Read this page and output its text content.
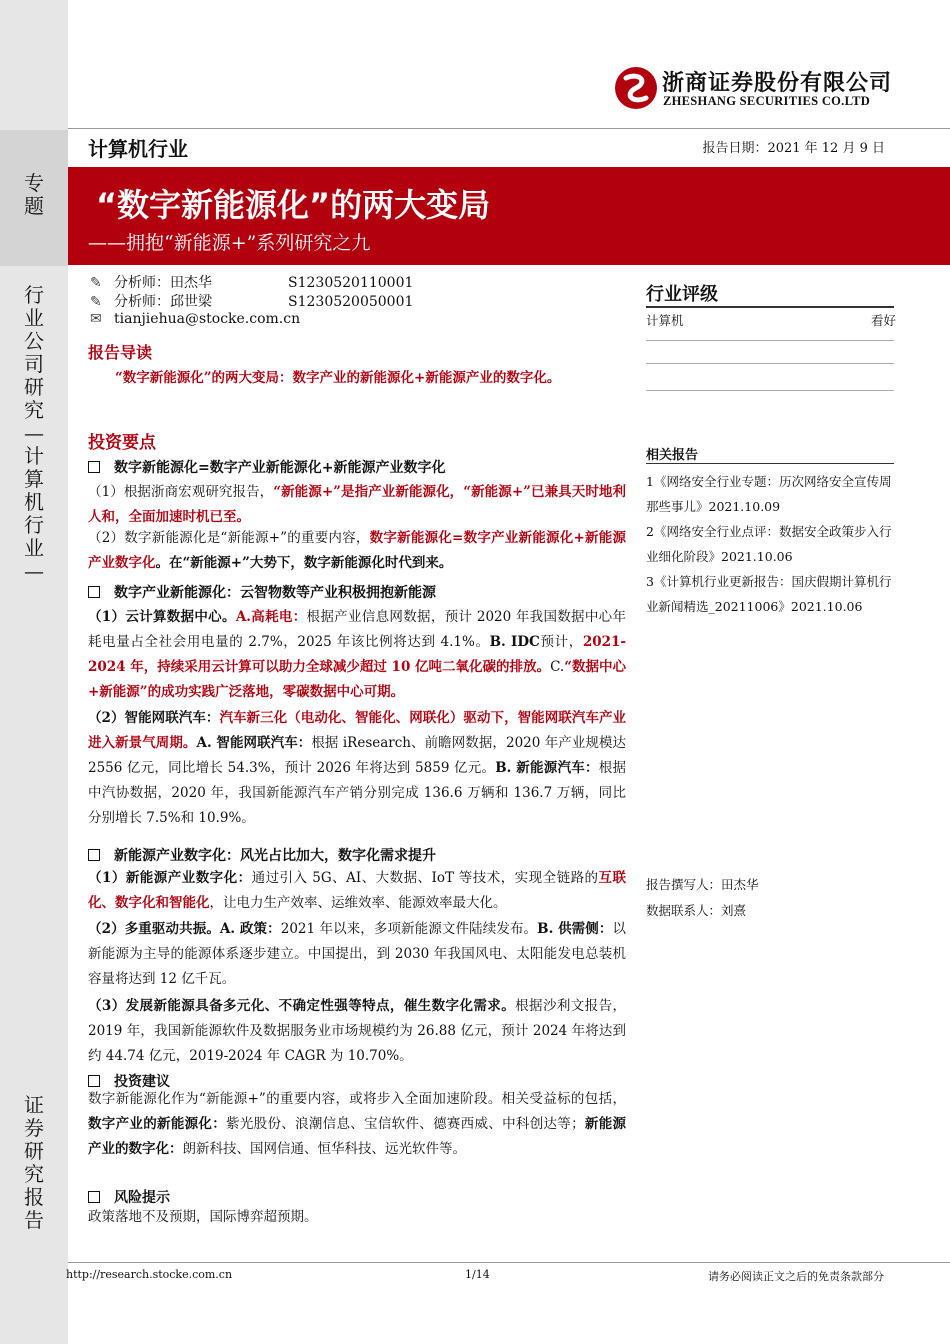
专题
行业公司研究—计算机行业—
证券研究报告
浙商证券股份有限公司
ZHESHANG SECURITIES CO.LTD
计算机行业	报告日期：2021 年 12 月 9 日
“数字新能源化”的两大变局
——拥抱“新能源+”系列研究之九
✎ 分析师：田杰华	S1230520110001
✎ 分析师：邱世梁	S1230520050001
✉ tianjiehua@stocke.com.cn
报告导读
“数字新能源化”的两大变局：数字产业的新能源化+新能源产业的数字化。
投资要点
数字新能源化=数字产业新能源化+新能源产业数字化
（1）根据浙商宏观研究报告，“新能源+”是指产业新能源化，“新能源+”已兼具天时地利人和，全面加速时机已至。
（2）数字新能源化是“新能源+”的重要内容，数字新能源化=数字产业新能源化+新能源产业数字化。在“新能源+”大势下，数字新能源化时代到来。
数字产业新能源化：云智物数等产业积极拥抱新能源
（1）云计算数据中心。A.高耗电：根据产业信息网数据，预计 2020 年我国数据中心年耗电量占全社会用电量的 2.7%，2025 年该比例将达到 4.1%。B. IDC预计，2021-2024 年，持续采用云计算可以助力全球减少超过 10 亿吨二氧化碳的排放。C.“数据中心+新能源”的成功实践广泛落地，零碳数据中心可期。
（2）智能网联汽车：汽车新三化（电动化、智能化、网联化）驱动下，智能网联汽车产业进入新景气周期。A. 智能网联汽车：根据 iResearch、前瞻网数据，2020 年产业规模达 2556 亿元，同比增长 54.3%，预计 2026 年将达到 5859 亿元。B. 新能源汽车：根据中汽协数据，2020 年，我国新能源汽车产销分别完成 136.6 万辆和 136.7 万辆，同比分别增长 7.5%和 10.9%。
新能源产业数字化：风光占比加大，数字化需求提升
（1）新能源产业数字化：通过引入 5G、AI、大数据、IoT 等技术，实现全链路的互联化、数字化和智能化，让电力生产效率、运维效率、能源效率最大化。
（2）多重驱动共振。A. 政策：2021 年以来，多项新能源文件陆续发布。B. 供需侧：以新能源为主导的能源体系逐步建立。中国提出，到 2030 年我国风电、太阳能发电总装机容量将达到 12 亿千瓦。
（3）发展新能源具备多元化、不确定性强等特点，催生数字化需求。根据沙利文报告，2019 年，我国新能源软件及数据服务业市场规模约为 26.88 亿元，预计 2024 年将达到约 44.74 亿元，2019-2024 年 CAGR 为 10.70%。
投资建议
数字新能源化作为“新能源+”的重要内容，或将步入全面加速阶段。相关受益标的包括，数字产业的新能源化：紫光股份、浪潮信息、宝信软件、德赛西威、中科创达等；新能源产业的数字化：朗新科技、国网信通、恒华科技、远光软件等。
风险提示
政策落地不及预期，国际博弈超预期。
行业评级
计算机	看好
相关报告
1《网络安全行业专题：历次网络安全宣传周那些事儿》2021.10.09
2《网络安全行业点评：数据安全政策步入行业细化阶段》2021.10.06
3《计算机行业更新报告：国庆假期计算机行业新闻精选_20211006》2021.10.06
报告撰写人：田杰华
数据联系人：刘熹
http://research.stocke.com.cn	1/14	请务必阅读正文之后的免责条款部分
